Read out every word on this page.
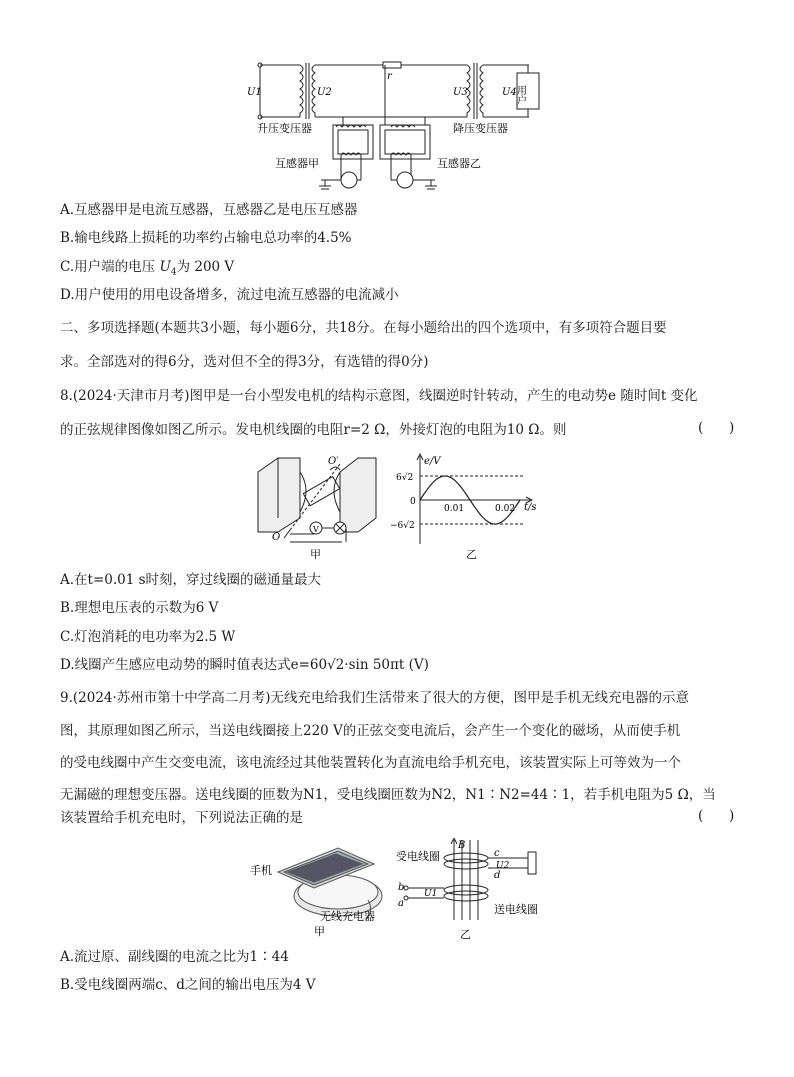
r
U1	U2	U3	U4
用户
升压变压器	降压变压器
互感器甲	互感器乙
A.互感器甲是电流互感器，互感器乙是电压互感器
B.输电线路上损耗的功率约占输电总功率的4.5%
C.用户端的电压 $U_4$为 200 V
D.用户使用的用电设备增多，流过电流互感器的电流减小
二、多项选择题(本题共3小题，每小题6分，共18分。在每小题给出的四个选项中，有多项符合题目要
求。全部选对的得6分，选对但不全的得3分，有选错的得0分)
8.(2024·天津市月考)图甲是一台小型发电机的结构示意图，线圈逆时针转动，产生的电动势e 随时间t 变化
的正弦规律图像如图乙所示。发电机线圈的电阻r=2 Ω，外接灯泡的电阻为10 Ω。则	(      )
V
O′
O
甲
e/V
t/s
6√2
−6√2
0
0.01	0.02
乙
A.在t=0.01 s时刻，穿过线圈的磁通量最大
B.理想电压表的示数为6 V
C.灯泡消耗的电功率为2.5 W
D.线圈产生感应电动势的瞬时值表达式e=60√2·sin 50πt (V)
9.(2024·苏州市第十中学高二月考)无线充电给我们生活带来了很大的方便，图甲是手机无线充电器的示意
图，其原理如图乙所示，当送电线圈接上220 V的正弦交变电流后，会产生一个变化的磁场，从而使手机
的受电线圈中产生交变电流，该电流经过其他装置转化为直流电给手机充电，该装置实际上可等效为一个
无漏磁的理想变压器。送电线圈的匝数为N1，受电线圈匝数为N2，N1∶N2=44∶1，若手机电阻为5 Ω，当
该装置给手机充电时，下列说法正确的是	(      )
手机
无线充电器
甲
B
受电线圈
送电线圈
c
d
b
a
U2
U1
乙
A.流过原、副线圈的电流之比为1∶44
B.受电线圈两端c、d之间的输出电压为4 V
